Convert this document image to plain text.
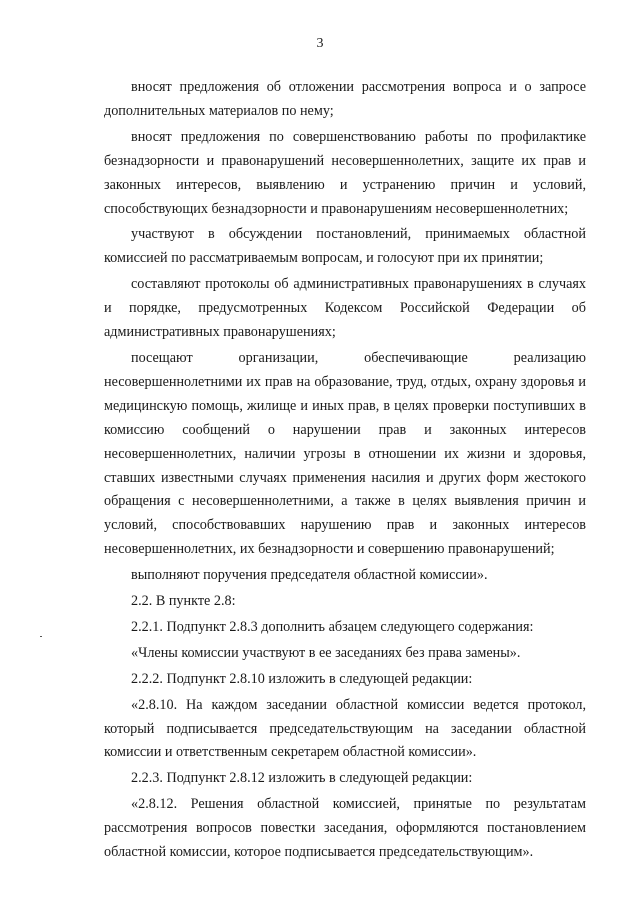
3

вносят предложения об отложении рассмотрения вопроса и о запросе дополнительных материалов по нему;

вносят предложения по совершенствованию работы по профилактике безнадзорности и правонарушений несовершеннолетних, защите их прав и законных интересов, выявлению и устранению причин и условий, способствующих безнадзорности и правонарушениям несовершеннолетних;

участвуют в обсуждении постановлений, принимаемых областной комиссией по рассматриваемым вопросам, и голосуют при их принятии;

составляют протоколы об административных правонарушениях в случаях и порядке, предусмотренных Кодексом Российской Федерации об административных правонарушениях;

посещают организации, обеспечивающие реализацию несовершеннолетними их прав на образование, труд, отдых, охрану здоровья и медицинскую помощь, жилище и иных прав, в целях проверки поступивших в комиссию сообщений о нарушении прав и законных интересов несовершеннолетних, наличии угрозы в отношении их жизни и здоровья, ставших известными случаях применения насилия и других форм жестокого обращения с несовершеннолетними, а также в целях выявления причин и условий, способствовавших нарушению прав и законных интересов несовершеннолетних, их безнадзорности и совершению правонарушений;

выполняют поручения председателя областной комиссии».

2.2. В пункте 2.8:

2.2.1. Подпункт 2.8.3 дополнить абзацем следующего содержания:

«Члены комиссии участвуют в ее заседаниях без права замены».

2.2.2. Подпункт 2.8.10 изложить в следующей редакции:

«2.8.10. На каждом заседании областной комиссии ведется протокол, который подписывается председательствующим на заседании областной комиссии и ответственным секретарем областной комиссии».

2.2.3. Подпункт 2.8.12 изложить в следующей редакции:

«2.8.12. Решения областной комиссией, принятые по результатам рассмотрения вопросов повестки заседания, оформляются постановлением областной комиссии, которое подписывается председательствующим».
